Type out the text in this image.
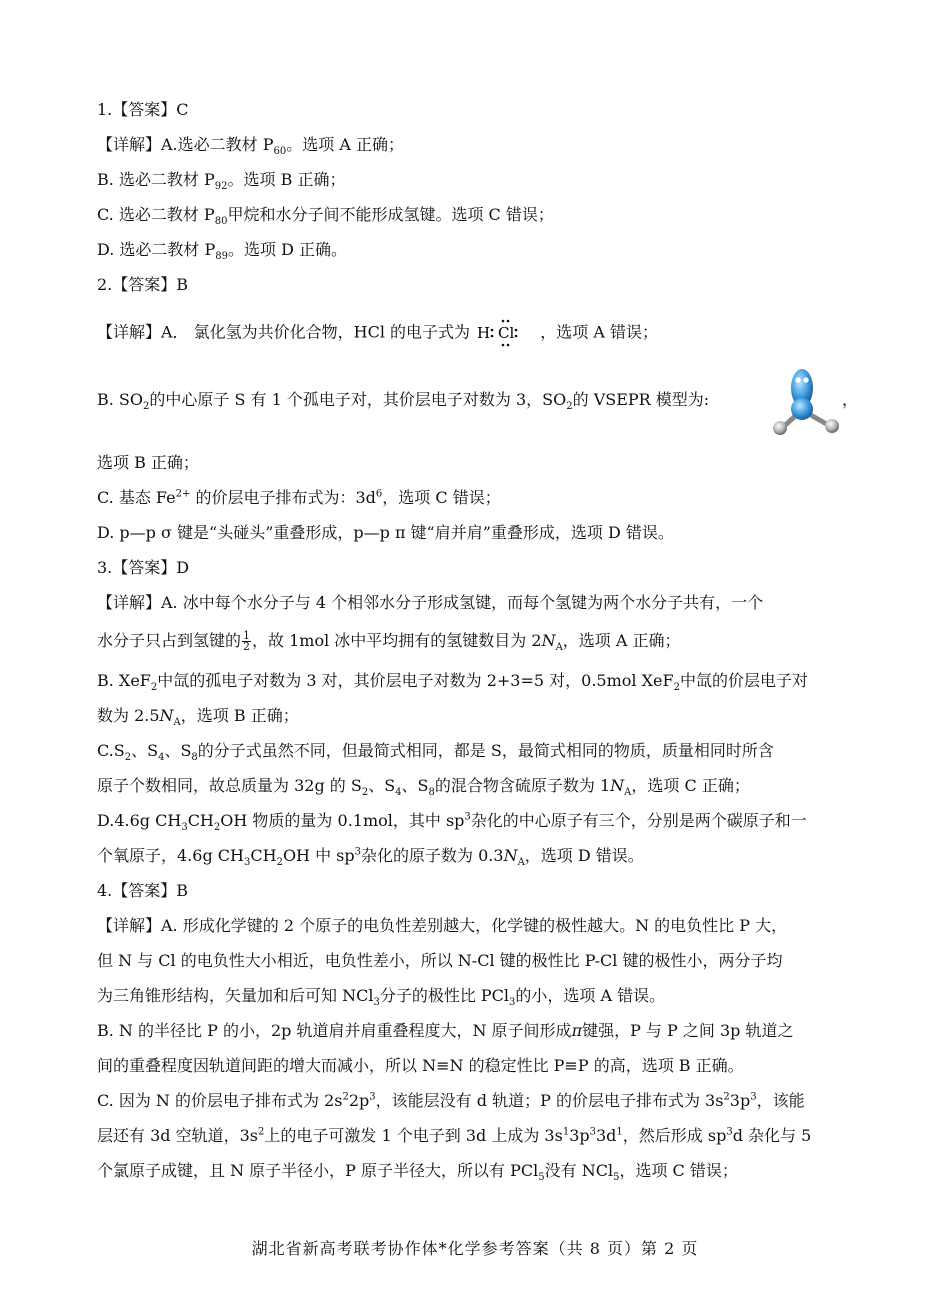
1.【答案】C
【详解】A.选必二教材 $P_{60}$。选项 A 正确；
B. 选必二教材 $P_{92}$。选项 B 正确；
C. 选必二教材 $P_{80}$甲烷和水分子间不能形成氢键。选项 C 错误；
D. 选必二教材 $P_{89}$。选项 D 正确。
2.【答案】B
【详解】A． 氯化氢为共价化合物，HCl 的电子式为 H Cl ，选项 A 错误；
B. $SO_2$的中心原子 S 有 1 个孤电子对，其价层电子对数为 3，$SO_2$的 VSEPR 模型为:	，
选项 B 正确；
C. 基态 $Fe^{2+}$ 的价层电子排布式为：$3d^6$，选项 C 错误；
D. p—p σ 键是“头碰头”重叠形成，p—p π 键“肩并肩”重叠形成，选项 D 错误。
3.【答案】D
【详解】A. 冰中每个水分子与 4 个相邻水分子形成氢键，而每个氢键为两个水分子共有，一个
水分子只占到氢键的 $\frac{1}{2}$ ，故 1mol 冰中平均拥有的氢键数目为 $2N_A$，选项 A 正确；
B. XeF$_2$中氙的孤电子对数为 3 对，其价层电子对数为 2+3=5 对，0.5mol XeF$_2$中氙的价层电子对
数为 $2.5N_A$，选项 B 正确；
$C.S_2$、$S_4$、$S_8$的分子式虽然不同，但最简式相同，都是 S，最简式相同的物质，质量相同时所含
原子个数相同，故总质量为 32g 的 $S_2$、$S_4$、$S_8$的混合物含硫原子数为 $1N_A$，选项 C 正确；
D.4.6g $CH_3CH_2OH$ 物质的量为 0.1mol，其中 $sp^3$杂化的中心原子有三个，分别是两个碳原子和一
个氧原子，4.6g $CH_3CH_2OH$ 中 $sp^3$杂化的原子数为 $0.3N_A$，选项 D 错误。
4.【答案】B
【详解】A. 形成化学键的 2 个原子的电负性差别越大，化学键的极性越大。N 的电负性比 P 大，
但 N 与 Cl 的电负性大小相近，电负性差小，所以 N-Cl 键的极性比 P-Cl 键的极性小，两分子均
为三角锥形结构，矢量加和后可知 NCl$_3$分子的极性比 PCl$_3$的小，选项 A 错误。
B. N 的半径比 P 的小，2p 轨道肩并肩重叠程度大，N 原子间形成π键强，P 与 P 之间 3p 轨道之
间的重叠程度因轨道间距的增大而减小，所以 N≡N 的稳定性比 P≡P 的高，选项 B 正确。
C. 因为 N 的价层电子排布式为 $2s^22p^3$，该能层没有 d 轨道；P 的价层电子排布式为 $3s^23p^3$，该能
层还有 3d 空轨道，$3s^2$上的电子可激发 1 个电子到 3d 上成为 $3s^13p^33d^1$，然后形成 $sp^3d$ 杂化与 5
个氯原子成键，且 N 原子半径小，P 原子半径大，所以有 PCl$_5$没有 NCl$_5$，选项 C 错误；
湖北省新高考联考协作体*化学参考答案（共 8 页）第 2 页
